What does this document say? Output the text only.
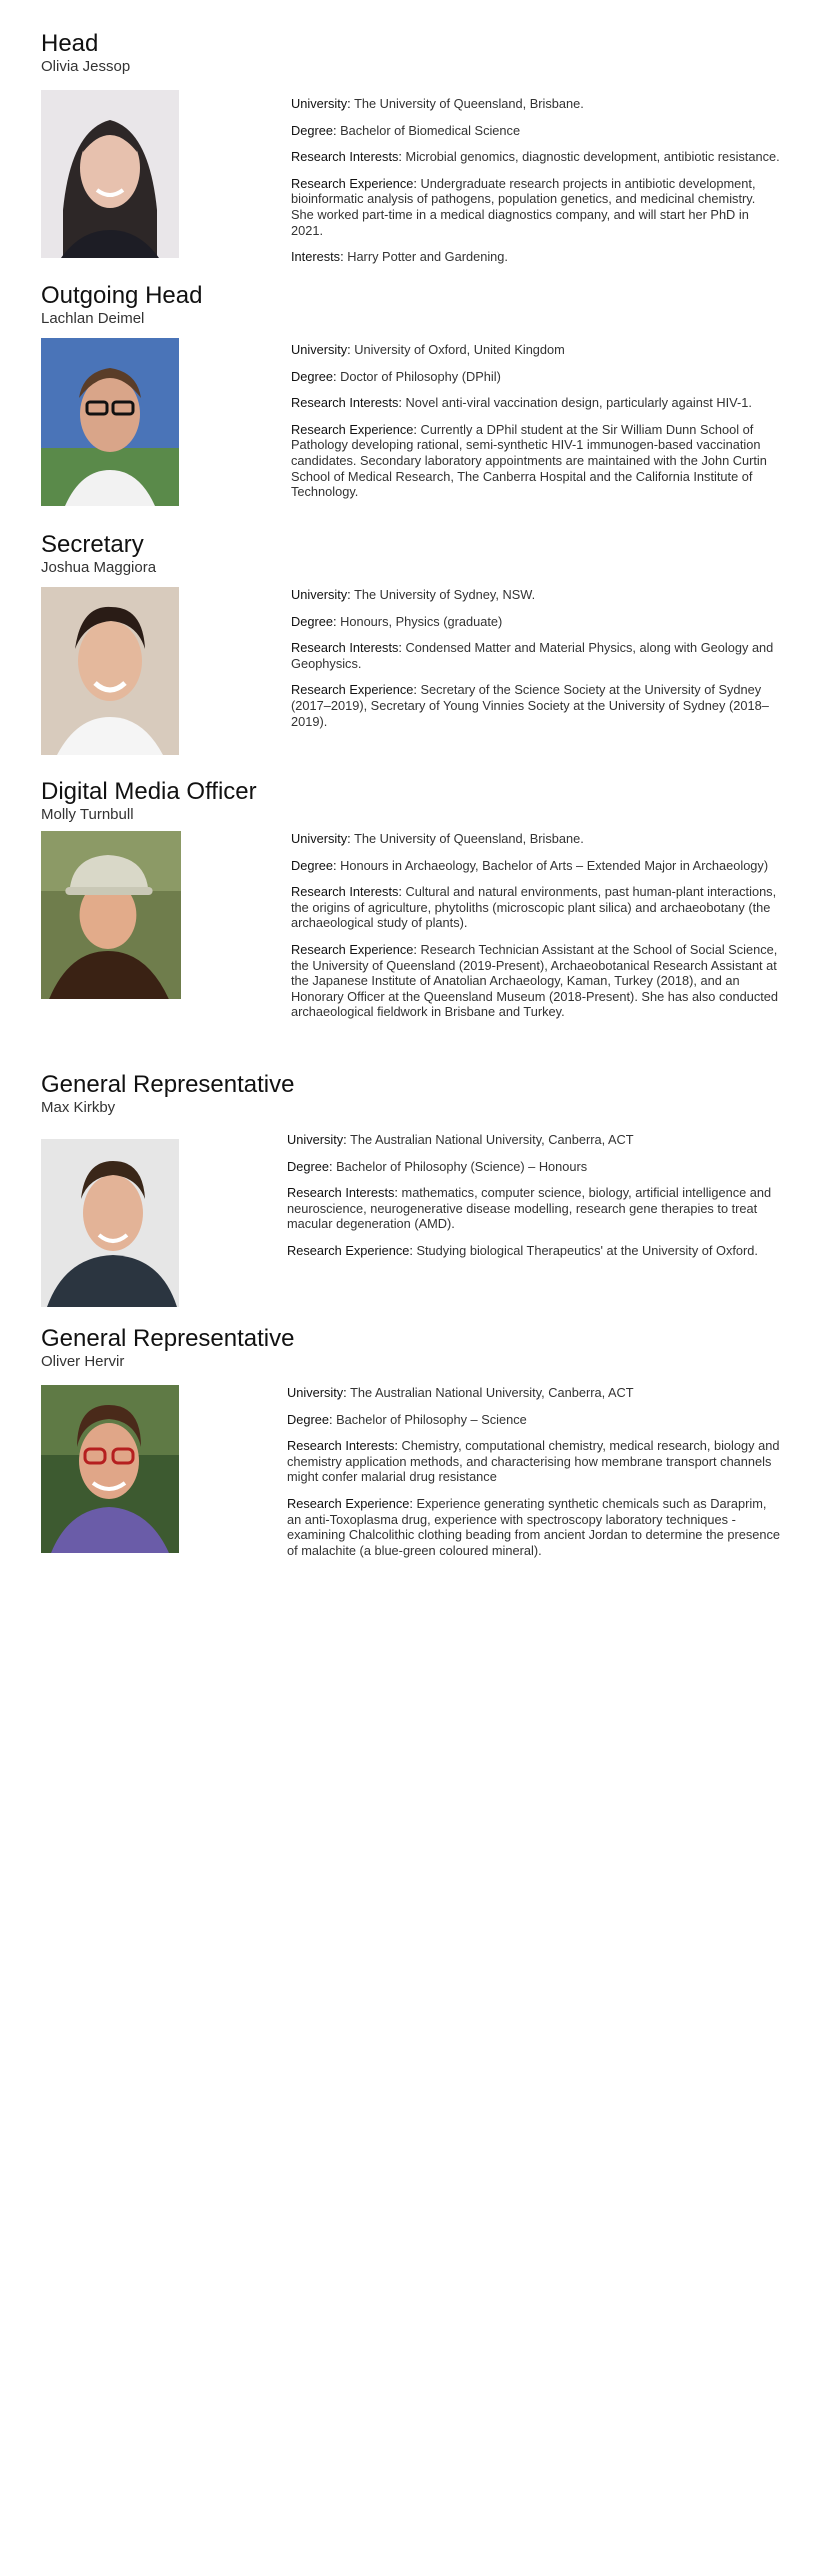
Head
Olivia Jessop

University: The University of Queensland, Brisbane.

Degree: Bachelor of Biomedical Science

Research Interests: Microbial genomics, diagnostic development, antibiotic resistance.

Research Experience: Undergraduate research projects in antibiotic development, bioinformatic analysis of pathogens, population genetics, and medicinal chemistry. She worked part-time in a medical diagnostics company, and will start her PhD in 2021.

Interests: Harry Potter and Gardening.

Outgoing Head
Lachlan Deimel

University: University of Oxford, United Kingdom

Degree: Doctor of Philosophy (DPhil)

Research Interests: Novel anti-viral vaccination design, particularly against HIV-1.

Research Experience: Currently a DPhil student at the Sir William Dunn School of Pathology developing rational, semi-synthetic HIV-1 immunogen-based vaccination candidates. Secondary laboratory appointments are maintained with the John Curtin School of Medical Research, The Canberra Hospital and the California Institute of Technology.

Secretary
Joshua Maggiora

University: The University of Sydney, NSW.

Degree: Honours, Physics (graduate)

Research Interests: Condensed Matter and Material Physics, along with Geology and Geophysics.

Research Experience: Secretary of the Science Society at the University of Sydney (2017–2019), Secretary of Young Vinnies Society at the University of Sydney (2018–2019).

Digital Media Officer
Molly Turnbull

University: The University of Queensland, Brisbane.

Degree: Honours in Archaeology, Bachelor of Arts – Extended Major in Archaeology)

Research Interests: Cultural and natural environments, past human-plant interactions, the origins of agriculture, phytoliths (microscopic plant silica) and archaeobotany (the archaeological study of plants).

Research Experience: Research Technician Assistant at the School of Social Science, the University of Queensland (2019-Present), Archaeobotanical Research Assistant at the Japanese Institute of Anatolian Archaeology, Kaman, Turkey (2018), and an Honorary Officer at the Queensland Museum (2018-Present). She has also conducted archaeological fieldwork in Brisbane and Turkey.

General Representative
Max Kirkby

University: The Australian National University, Canberra, ACT

Degree: Bachelor of Philosophy (Science) – Honours

Research Interests: mathematics, computer science, biology, artificial intelligence and neuroscience, neurogenerative disease modelling, research gene therapies to treat macular degeneration (AMD).

Research Experience: Studying biological Therapeutics' at the University of Oxford.

General Representative
Oliver Hervir

University: The Australian National University, Canberra, ACT

Degree: Bachelor of Philosophy – Science

Research Interests: Chemistry, computational chemistry, medical research, biology and chemistry application methods, and characterising how membrane transport channels might confer malarial drug resistance

Research Experience: Experience generating synthetic chemicals such as Daraprim, an anti-Toxoplasma drug, experience with spectroscopy laboratory techniques - examining Chalcolithic clothing beading from ancient Jordan to determine the presence of malachite (a blue-green coloured mineral).
